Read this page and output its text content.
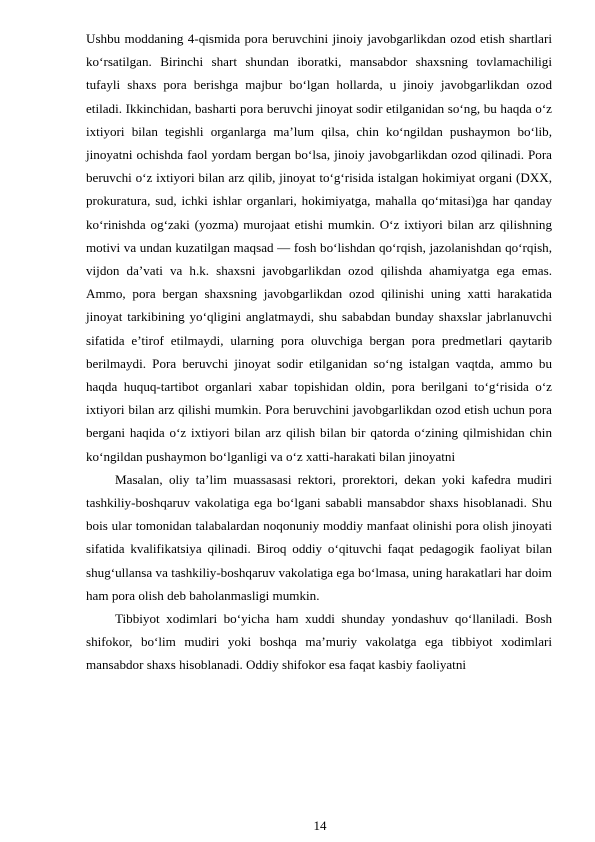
Ushbu moddaning 4-qismida pora beruvchini jinoiy javobgarlikdan ozod etish shartlari ko‘rsatilgan. Birinchi shart shundan iboratki, mansabdor shaxsning tovlamachiligi tufayli shaxs pora berishga majbur bo‘lgan hollarda, u jinoiy javobgarlikdan ozod etiladi. Ikkinchidan, basharti pora beruvchi jinoyat sodir etilganidan so‘ng, bu haqda o‘z ixtiyori bilan tegishli organlarga ma’lum qilsa, chin ko‘ngildan pushaymon bo‘lib, jinoyatni ochishda faol yordam bergan bo‘lsa, jinoiy javobgarlikdan ozod qilinadi. Pora beruvchi o‘z ixtiyori bilan arz qilib, jinoyat to‘g‘risida istalgan hokimiyat organi (DXX, prokuratura, sud, ichki ishlar organlari, hokimiyatga, mahalla qo‘mitasi)ga har qanday ko‘rinishda og‘zaki (yozma) murojaat etishi mumkin. O‘z ixtiyori bilan arz qilishning motivi va undan kuzatilgan maqsad — fosh bo‘lishdan qo‘rqish, jazolanishdan qo‘rqish, vijdon da’vati va h.k. shaxsni javobgarlikdan ozod qilishda ahamiyatga ega emas. Ammo, pora bergan shaxsning javobgarlikdan ozod qilinishi uning xatti harakatida jinoyat tarkibining yo‘qligini anglatmaydi, shu sababdan bunday shaxslar jabrlanuvchi sifatida e’tirof etilmaydi, ularning pora oluvchiga bergan pora predmetlari qaytarib berilmaydi. Pora beruvchi jinoyat sodir etilganidan so‘ng istalgan vaqtda, ammo bu haqda huquq-tartibot organlari xabar topishidan oldin, pora berilgani to‘g‘risida o‘z ixtiyori bilan arz qilishi mumkin. Pora beruvchini javobgarlikdan ozod etish uchun pora bergani haqida o‘z ixtiyori bilan arz qilish bilan bir qatorda o‘zining qilmishidan chin ko‘ngildan pushaymon bo‘lganligi va o‘z xatti-harakati bilan jinoyatni

Masalan, oliy ta’lim muassasasi rektori, prorektori, dekan yoki kafedra mudiri tashkiliy-boshqaruv vakolatiga ega bo‘lgani sababli mansabdor shaxs hisoblanadi. Shu bois ular tomonidan talabalardan noqonuniy moddiy manfaat olinishi pora olish jinoyati sifatida kvalifikatsiya qilinadi. Biroq oddiy o‘qituvchi faqat pedagogik faoliyat bilan shug‘ullansa va tashkiliy-boshqaruv vakolatiga ega bo‘lmasa, uning harakatlari har doim ham pora olish deb baholanmasligi mumkin.

Tibbiyot xodimlari bo‘yicha ham xuddi shunday yondashuv qo‘llaniladi. Bosh shifokor, bo‘lim mudiri yoki boshqa ma’muriy vakolatga ega tibbiyot xodimlari mansabdor shaxs hisoblanadi. Oddiy shifokor esa faqat kasbiy faoliyatni

14
